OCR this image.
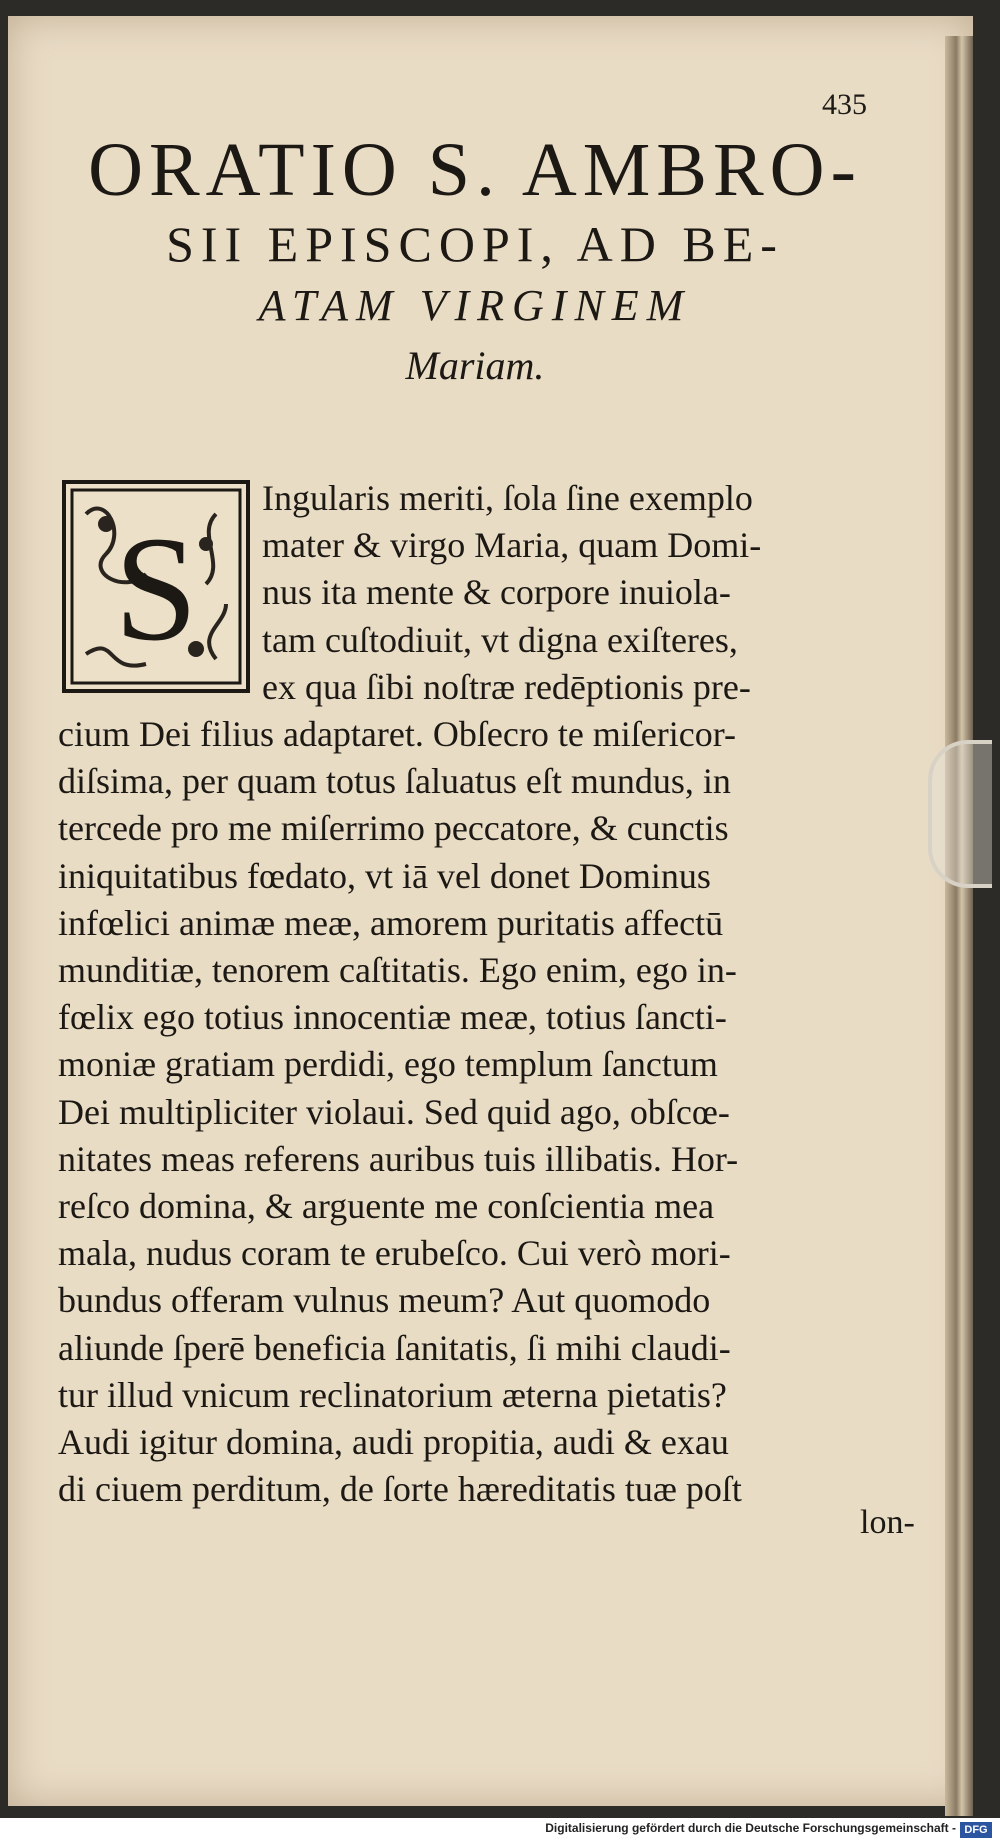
435
ORATIO S. AMBRO-
SII EPISCOPI, AD BE-
ATAM VIRGINEM
Mariam.
S
Ingularis meriti, ſola ſine exemplo
mater & virgo Maria, quam Domi-
nus ita mente & corpore inuiola-
tam cuſtodiuit, vt digna exiſteres,
ex qua ſibi noſtræ redēptionis pre-
cium Dei filius adaptaret. Obſecro te miſericor-
diſsima, per quam totus ſaluatus eſt mundus, in
tercede pro me miſerrimo peccatore, & cunctis
iniquitatibus fœdato, vt iā vel donet Dominus
infœlici animæ meæ, amorem puritatis affectū
munditiæ, tenorem caſtitatis. Ego enim, ego in-
fœlix ego totius innocentiæ meæ, totius ſancti-
moniæ gratiam perdidi, ego templum ſanctum
Dei multipliciter violaui. Sed quid ago, obſcœ-
nitates meas referens auribus tuis illibatis. Hor-
reſco domina, & arguente me conſcientia mea
mala, nudus coram te erubeſco. Cui verò mori-
bundus offeram vulnus meum? Aut quomodo
aliunde ſperē beneficia ſanitatis, ſi mihi claudi-
tur illud vnicum reclinatorium æterna pietatis?
Audi igitur domina, audi propitia, audi & exau
di ciuem perditum, de ſorte hæreditatis tuæ poſt
lon-
Digitalisierung gefördert durch die Deutsche Forschungsgemeinschaft - DFG
